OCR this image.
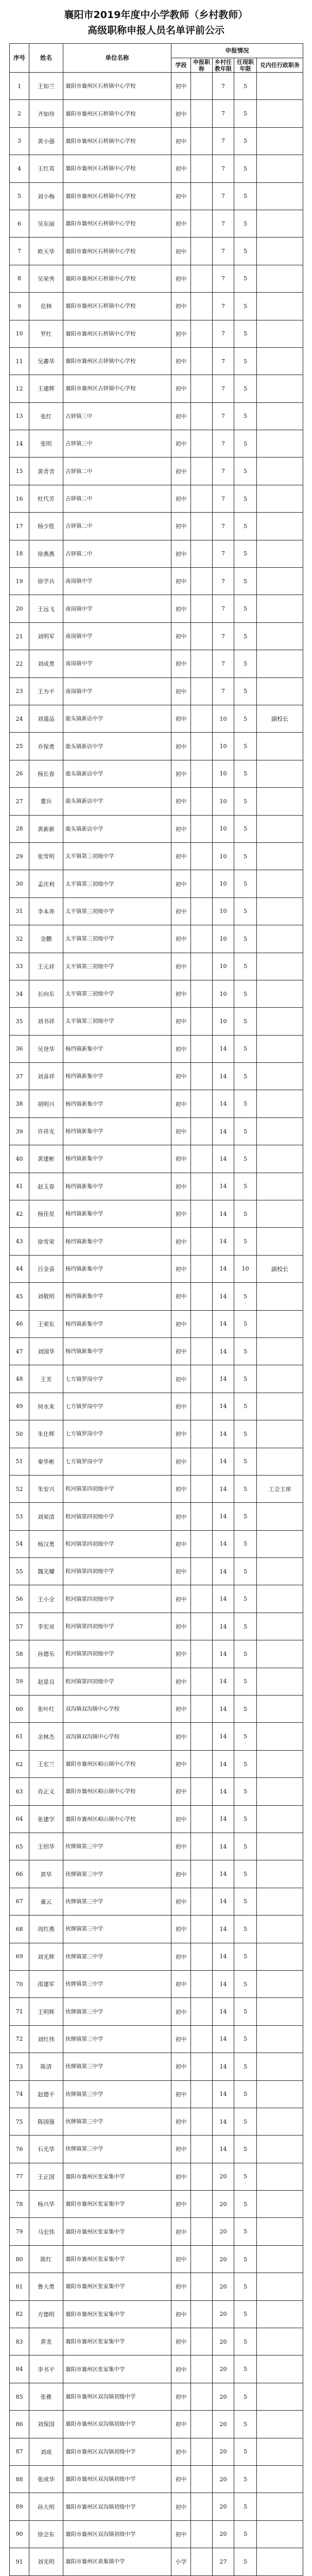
襄阳市2019年度中小学教师（乡村教师）
高级职称申报人员名单评前公示
序号	姓名	单位名称	申报情况				
			学段	申报职称	乡村任教年限	任现职年限	兑内任行政职务
1	王如兰	襄阳市襄州区石桥镇中心学校	初中		7	5	
2	齐如珍	襄阳市襄州区石桥镇中心学校	初中		7	5	
3	黄小强	襄阳市襄州区石桥镇中心学校	初中		7	5	
4	王红英	襄阳市襄州区石桥镇中心学校	初中		7	5	
5	刘小梅	襄阳市襄州区石桥镇中心学校	初中		7	5	
6	吴东丽	襄阳市襄州区石桥镇中心学校	初中		7	5	
7	欧天华	襄阳市襄州区石桥镇中心学校	初中		7	5	
8	吴荣秀	襄阳市襄州区石桥镇中心学校	初中		7	5	
9	范林	襄阳市襄州区石桥镇中心学校	初中		7	5	
10	罗红	襄阳市襄州区石桥镇中心学校	初中		7	5	
11	吴蕃华	襄阳市襄州区古驿镇中心学校	初中		7	5	
12	王建辉	襄阳市襄州区古驿镇中心学校	初中		7	5	
13	张红	古驿镇三中	初中		7	5	
14	张明	古驿镇三中	初中		7	5	
15	黄青青	古驿镇二中	初中		7	5	
16	杜代芳	古驿镇二中	初中		7	5	
17	杨少胜	古驿镇二中	初中		7	5	
18	徐燕燕	古驿镇二中	初中		7	5	
19	徐学兵	南岗镇中学	初中		7	5	
20	王远飞	南岗镇中学	初中		7	5	
21	刘明军	南岗镇中学	初中		7	5	
22	刘成勇	南岗镇中学	初中		7	5	
23	王为平	南岗镇中学	初中		7	5	
24	刘道品	鹿头镇新店中学	初中		10	5	副校长
25	乔保勇	鹿头镇新店中学	初中		10	5	
26	杨长春	鹿头镇新店中学	初中		10	5	
27	董兵	鹿头镇新店中学	初中		10	5	
28	黄新新	鹿头镇新店中学	初中		10	5	
29	张雪明	太平镇第三初级中学	初中		10	5	
30	孟庆利	太平镇第三初级中学	初中		10	5	
31	李本奔	太平镇第三初级中学	初中		10	5	
32	金鹏	太平镇第三初级中学	初中		10	5	
33	王元祥	太平镇第三初级中学	初中		10	5	
34	长向东	太平镇第三初级中学	初中		10	5	
35	刘书祥	太平镇第三初级中学	初中		10	5	
36	吴登华	杨垱镇新集中学	初中		14	5	
37	刘喜祥	杨垱镇新集中学	初中		14	5	
38	胡明兴	杨垱镇新集中学	初中		14	5	
39	许祥光	杨垱镇新集中学	初中		14	5	
40	黄建彬	杨垱镇新集中学	初中		14	5	
41	赵玉春	杨垱镇新集中学	初中		14	5	
42	杨佳星	杨垱镇新集中学	初中		14	5	
43	徐雪荣	杨垱镇新集中学	初中		14	5	
44	吕金喜	杨垱镇新集中学	初中		14	10	副校长
45	刘敬明	杨垱镇新集中学	初中		14	5	
46	王荣东	杨垱镇新集中学	初中		14	5	
47	刘国华	杨垱镇新集中学	初中		14	5	
48	王芳	七方镇罗岗中学	初中		14	5	
49	何水来	七方镇罗岗中学	初中		14	5	
50	朱仕辉	七方镇罗岗中学	初中		14	5	
51	秦华彬	七方镇罗岗中学	初中		14	5	
52	朱安兴	程河镇第四初级中学	初中		14	5	工会主席
53	刘荣清	程河镇第四初级中学	初中		14	5	
54	杨汉勇	程河镇第四初级中学	初中		14	5	
55	魏光耀	程河镇第四初级中学	初中		14	5	
56	王小全	程河镇第四初级中学	初中		14	5	
57	李宏亮	程河镇第四初级中学	初中		14	5	
58	孙德乐	程河镇第四初级中学	初中		14	5	
59	赵是良	程河镇第四初级中学	初中		14	5	
60	张叶红	双沟镇双沟镇中心学校	初中		14	5	
61	余林杰	双沟镇双沟镇中心学校	初中		14	5	
62	王宏兰	襄阳市襄州区峪山镇中心学校	初中		14	5	
63	肖正义	襄阳市襄州区峪山镇中心学校	初中		14	5	
64	张建学	襄阳市襄州区峪山镇中心学校	初中		14	5	
65	王绍华	伙牌镇第三中学	初中		14	5	
66	黄华	伙牌镇第三中学	初中		14	5	
67	童云	伙牌镇第三中学	初中		14	5	
68	周红燕	伙牌镇第三中学	初中		14	5	
69	刘光辉	伙牌镇第三中学	初中		14	5	
70	邵建军	伙牌镇第三中学	初中		14	5	
71	王明辉	伙牌镇第三中学	初中		14	5	
72	刘红伟	伙牌镇第三中学	初中		14	5	
73	陈清	伙牌镇第三中学	初中		14	5	
74	赵德平	伙牌镇第三中学	初中		14	5	
75	陈国强	伙牌镇第三中学	初中		14	5	
76	石光华	伙牌镇第三中学	初中		14	5	
77	王正国	襄阳市襄州区张家集中学	初中		20	5	
78	杨兴华	襄阳市襄州区张家集中学	初中		20	5	
79	马宏伟	襄阳市襄州区张家集中学	初中		20	5	
80	陈红	襄阳市襄州区张家集中学	初中		20	5	
81	鲁大勇	襄阳市襄州区张家集中学	初中		20	5	
82	方德明	襄阳市襄州区张家集中学	初中		20	5	
83	黄龙	襄阳市襄州区张家集中学	初中		20	5	
84	李书平	襄阳市襄州区张家集中学	初中		20	5	
85	张雅	襄阳市襄州区双沟镇初级中学	初中		20	5	
86	刘保国	襄阳市襄州区双沟镇初级中学	初中		20	5	
87	刘成	襄阳市襄州区双沟镇初级中学	初中		20	5	
88	张成华	襄阳市襄州区双沟镇初级中学	初中		20	5	
89	孙大明	襄阳市襄州区双沟镇初级中学	初中		20	5	
90	徐会东	襄阳市襄州区双沟镇初级中学	初中		20	5	
91	刘光明	襄阳市襄州区黄集镇中学	小学		27	5	
